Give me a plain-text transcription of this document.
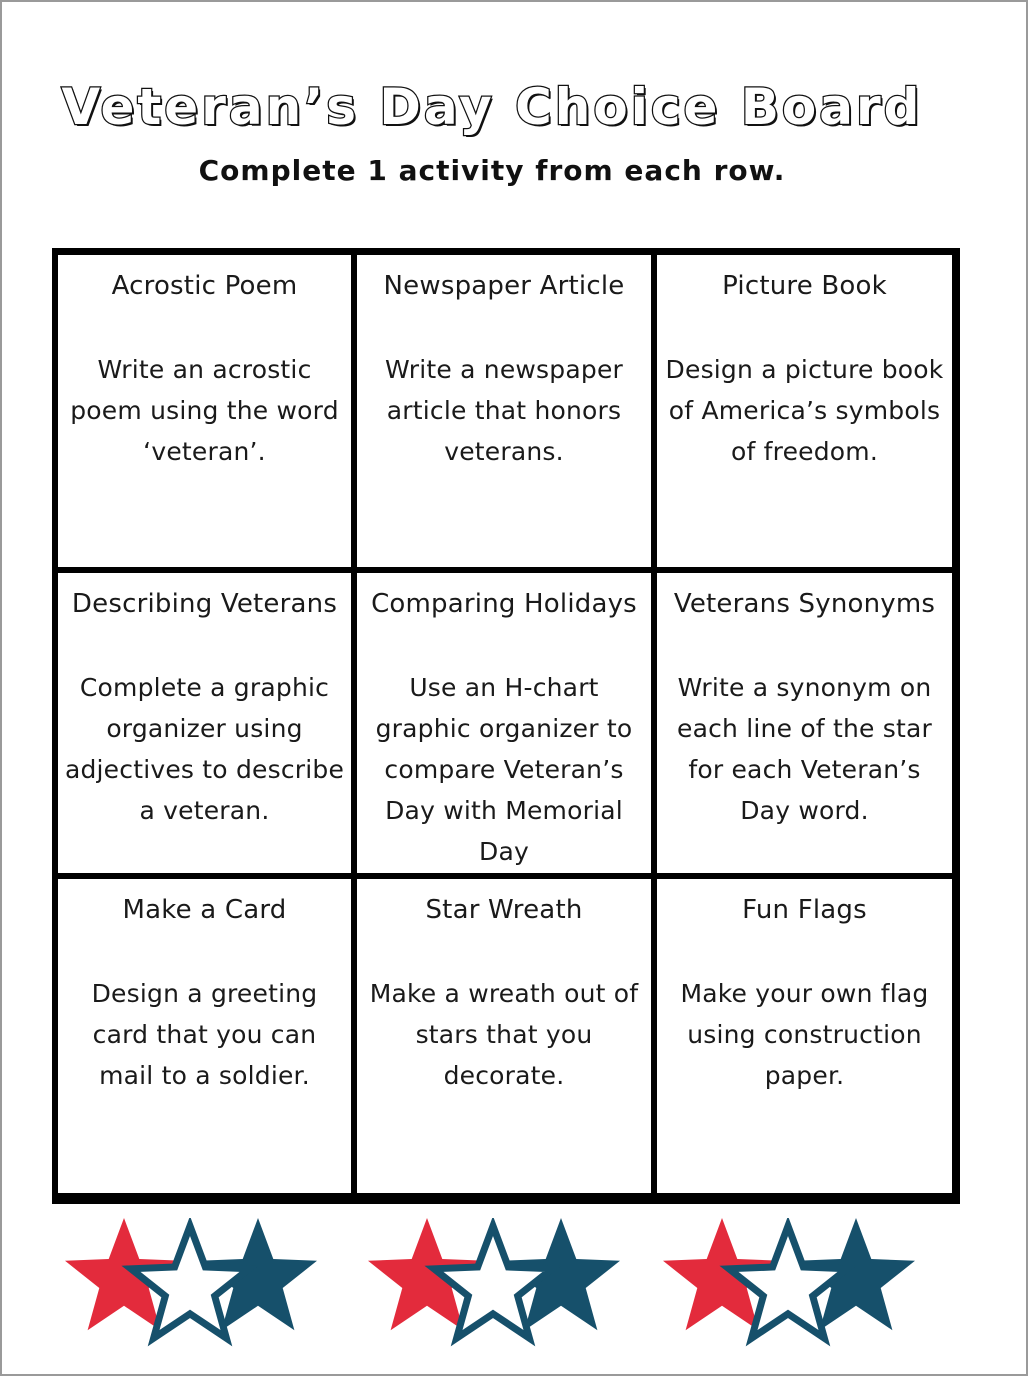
Veteran’s Day Choice Board

Complete 1 activity from each row.

Acrostic Poem

Write an acrostic poem using the word ‘veteran’.

Newspaper Article

Write a newspaper article that honors veterans.

Picture Book

Design a picture book of America’s symbols of freedom.

Describing Veterans

Complete a graphic organizer using adjectives to describe a veteran.

Comparing Holidays

Use an H-chart graphic organizer to compare Veteran’s Day with Memorial Day

Veterans Synonyms

Write a synonym on each line of the star for each Veteran’s Day word.

Make a Card

Design a greeting card that you can mail to a soldier.

Star Wreath

Make a wreath out of stars that you decorate.

Fun Flags

Make your own flag using construction paper.
